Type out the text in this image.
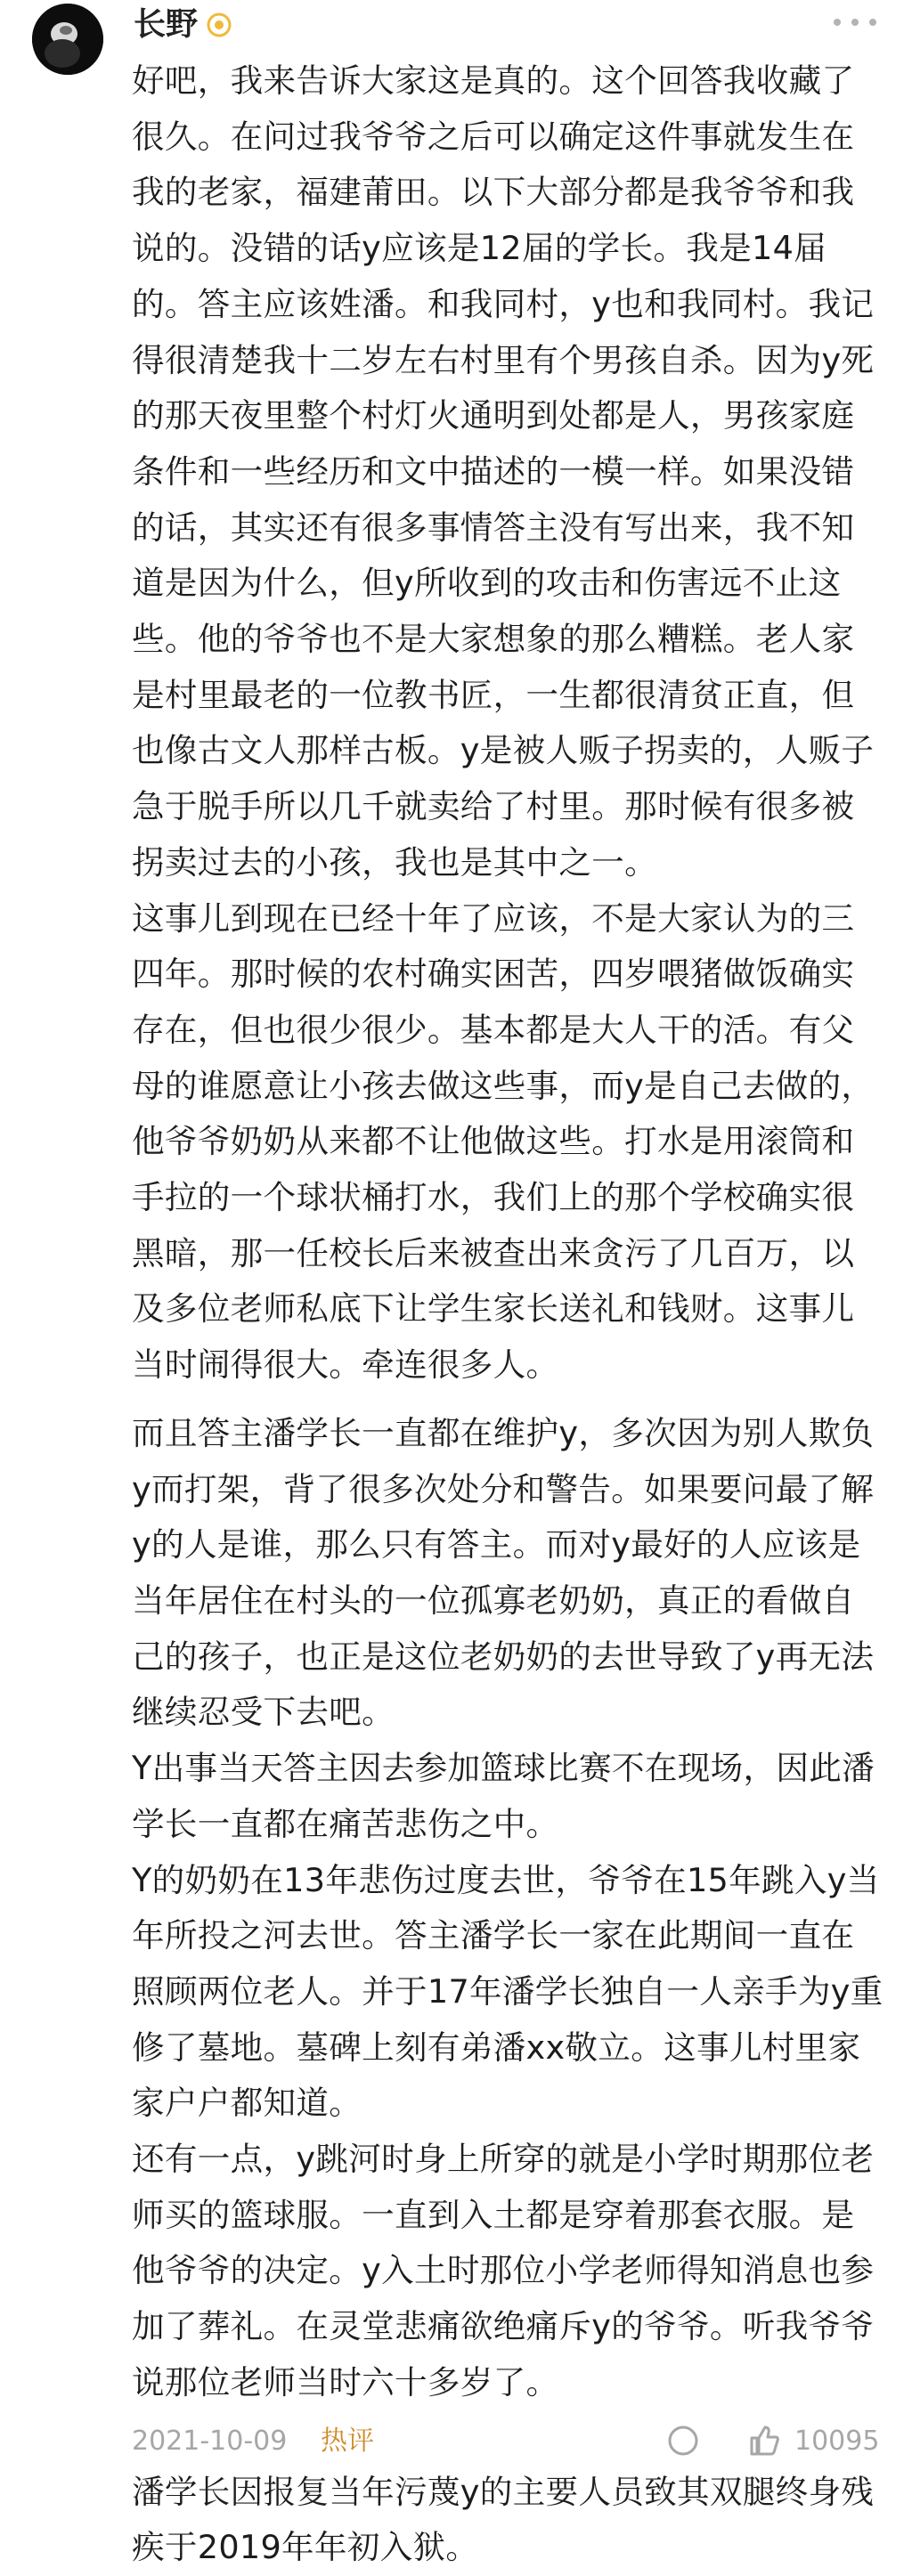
长野

好吧，我来告诉大家这是真的。这个回答我收藏了很久。在问过我爷爷之后可以确定这件事就发生在我的老家，福建莆田。以下大部分都是我爷爷和我说的。没错的话y应该是12届的学长。我是14届的。答主应该姓潘。和我同村，y也和我同村。我记得很清楚我十二岁左右村里有个男孩自杀。因为y死的那天夜里整个村灯火通明到处都是人，男孩家庭条件和一些经历和文中描述的一模一样。如果没错的话，其实还有很多事情答主没有写出来，我不知道是因为什么，但y所收到的攻击和伤害远不止这些。他的爷爷也不是大家想象的那么糟糕。老人家是村里最老的一位教书匠，一生都很清贫正直，但也像古文人那样古板。y是被人贩子拐卖的，人贩子急于脱手所以几千就卖给了村里。那时候有很多被拐卖过去的小孩，我也是其中之一。

这事儿到现在已经十年了应该，不是大家认为的三四年。那时候的农村确实困苦，四岁喂猪做饭确实存在，但也很少很少。基本都是大人干的活。有父母的谁愿意让小孩去做这些事，而y是自己去做的，他爷爷奶奶从来都不让他做这些。打水是用滚筒和手拉的一个球状桶打水，我们上的那个学校确实很黑暗，那一任校长后来被查出来贪污了几百万，以及多位老师私底下让学生家长送礼和钱财。这事儿当时闹得很大。牵连很多人。

而且答主潘学长一直都在维护y，多次因为别人欺负y而打架，背了很多次处分和警告。如果要问最了解y的人是谁，那么只有答主。而对y最好的人应该是当年居住在村头的一位孤寡老奶奶，真正的看做自己的孩子，也正是这位老奶奶的去世导致了y再无法继续忍受下去吧。

Y出事当天答主因去参加篮球比赛不在现场，因此潘学长一直都在痛苦悲伤之中。

Y的奶奶在13年悲伤过度去世，爷爷在15年跳入y当年所投之河去世。答主潘学长一家在此期间一直在照顾两位老人。并于17年潘学长独自一人亲手为y重修了墓地。墓碑上刻有弟潘xx敬立。这事儿村里家家户户都知道。

还有一点，y跳河时身上所穿的就是小学时期那位老师买的篮球服。一直到入土都是穿着那套衣服。是他爷爷的决定。y入土时那位小学老师得知消息也参加了葬礼。在灵堂悲痛欲绝痛斥y的爷爷。听我爷爷说那位老师当时六十多岁了。

潘学长因报复当年污蔑y的主要人员致其双腿终身残疾于2019年年初入狱。

2021-10-09 热评	10095
